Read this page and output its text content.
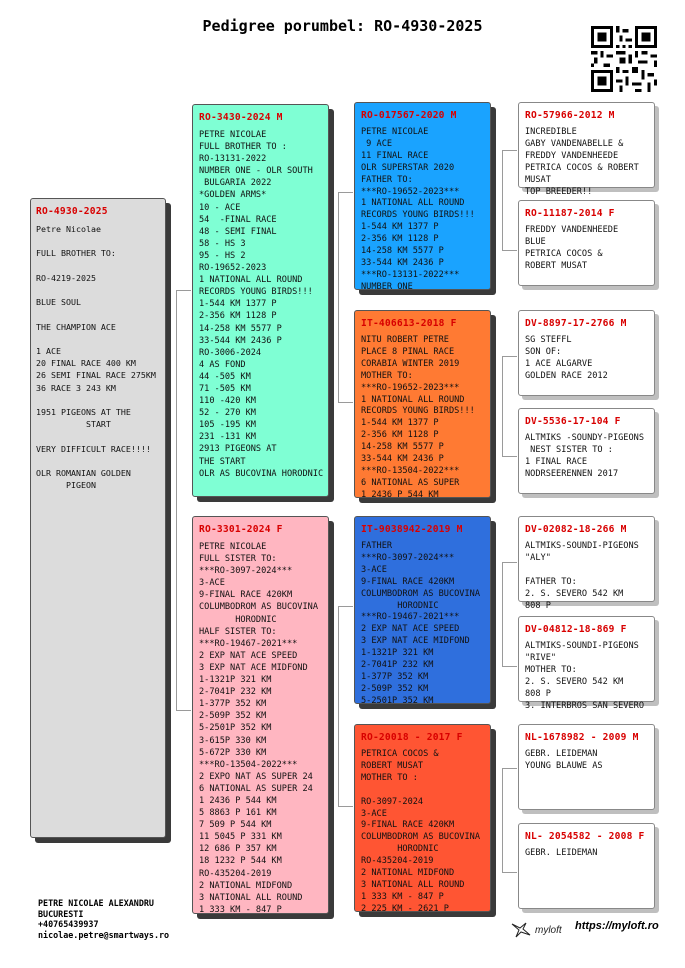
Pedigree porumbel: RO-4930-2025
RO-4930-2025
Petre Nicolae

FULL BROTHER TO:

RO-4219-2025

BLUE SOUL

THE CHAMPION ACE

1 ACE
20 FINAL RACE 400 KM
26 SEMI FINAL RACE 275KM
36 RACE 3 243 KM

1951 PIGEONS AT THE
START

VERY DIFFICULT RACE!!!!

OLR ROMANIAN GOLDEN
PIGEON
RO-3430-2024 M
PETRE NICOLAE
FULL BROTHER TO :
RO-13131-2022
NUMBER ONE - OLR SOUTH
BULGARIA 2022
*GOLDEN ARMS*
10 - ACE
54  -FINAL RACE
48 - SEMI FINAL
58 - HS 3
95 - HS 2
RO-19652-2023
1 NATIONAL ALL ROUND
RECORDS YOUNG BIRDS!!!
1-544 KM 1377 P
2-356 KM 1128 P
14-258 KM 5577 P
33-544 KM 2436 P
RO-3006-2024
4 AS FOND
44 -505 KM
71 -505 KM
110 -420 KM
52 - 270 KM
105 -195 KM
231 -131 KM
2913 PIGEONS AT
THE START
OLR AS BUCOVINA HORODNIC
RO-3301-2024 F
PETRE NICOLAE
FULL SISTER TO:
***RO-3097-2024***
3-ACE
9-FINAL RACE 420KM
COLUMBODROM AS BUCOVINA
HORODNIC
HALF SISTER TO:
***RO-19467-2021***
2 EXP NAT ACE SPEED
3 EXP NAT ACE MIDFOND
1-1321P 321 KM
2-7041P 232 KM
1-377P 352 KM
2-509P 352 KM
5-2501P 352 KM
3-615P 330 KM
5-672P 330 KM
***RO-13504-2022***
2 EXPO NAT AS SUPER 24
6 NATIONAL AS SUPER 24
1 2436 P 544 KM
5 8863 P 161 KM
7 509 P 544 KM
11 5045 P 331 KM
12 686 P 357 KM
18 1232 P 544 KM
RO-435204-2019
2 NATIONAL MIDFOND
3 NATIONAL ALL ROUND
1 333 KM - 847 P
RO-017567-2020 M
PETRE NICOLAE
9 ACE
11 FINAL RACE
OLR SUPERSTAR 2020
FATHER TO:
***RO-19652-2023***
1 NATIONAL ALL ROUND
RECORDS YOUNG BIRDS!!!
1-544 KM 1377 P
2-356 KM 1128 P
14-258 KM 5577 P
33-544 KM 2436 P
***RO-13131-2022***
NUMBER ONE
IT-406613-2018 F
NITU ROBERT PETRE
PLACE 8 PINAL RACE
CORABIA WINTER 2019
MOTHER TO:
***RO-19652-2023***
1 NATIONAL ALL ROUND
RECORDS YOUNG BIRDS!!!
1-544 KM 1377 P
2-356 KM 1128 P
14-258 KM 5577 P
33-544 KM 2436 P
***RO-13504-2022***
6 NATIONAL AS SUPER
1 2436 P 544 KM
IT-9038942-2019 M
FATHER
***RO-3097-2024***
3-ACE
9-FINAL RACE 420KM
COLUMBODROM AS BUCOVINA
HORODNIC
***RO-19467-2021***
2 EXP NAT ACE SPEED
3 EXP NAT ACE MIDFOND
1-1321P 321 KM
2-7041P 232 KM
1-377P 352 KM
2-509P 352 KM
5-2501P 352 KM
RO-20018 - 2017 F
PETRICA COCOS &
ROBERT MUSAT
MOTHER TO :

RO-3097-2024
3-ACE
9-FINAL RACE 420KM
COLUMBODROM AS BUCOVINA
HORODNIC
RO-435204-2019
2 NATIONAL MIDFOND
3 NATIONAL ALL ROUND
1 333 KM - 847 P
2 225 KM - 2621 P
RO-57966-2012 M
INCREDIBLE
GABY VANDENABELLE &
FREDDY VANDENHEEDE
PETRICA COCOS & ROBERT
MUSAT
TOP BREEDER!!
RO-11187-2014 F
FREDDY VANDENHEEDE
BLUE
PETRICA COCOS &
ROBERT MUSAT
DV-8897-17-2766 M
SG STEFFL
SON OF:
1 ACE ALGARVE
GOLDEN RACE 2012
DV-5536-17-104 F
ALTMIKS -SOUNDY-PIGEONS
NEST SISTER TO :
1 FINAL RACE
NODRSEERENNEN 2017
DV-02082-18-266 M
ALTMIKS-SOUNDI-PIGEONS
"ALY"

FATHER TO:
2. S. SEVERO 542 KM
808 P
DV-04812-18-869 F
ALTMIKS-SOUNDI-PIGEONS
"RIVE"
MOTHER TO:
2. S. SEVERO 542 KM
808 P
3. INTERBROS SAN SEVERO
NL-1678982 - 2009 M
GEBR. LEIDEMAN
YOUNG BLAUWE AS
NL- 2054582 - 2008 F
GEBR. LEIDEMAN
PETRE NICOLAE ALEXANDRU
BUCURESTI
+40765439937
nicolae.petre@smartways.ro	myloft https://myloft.ro
